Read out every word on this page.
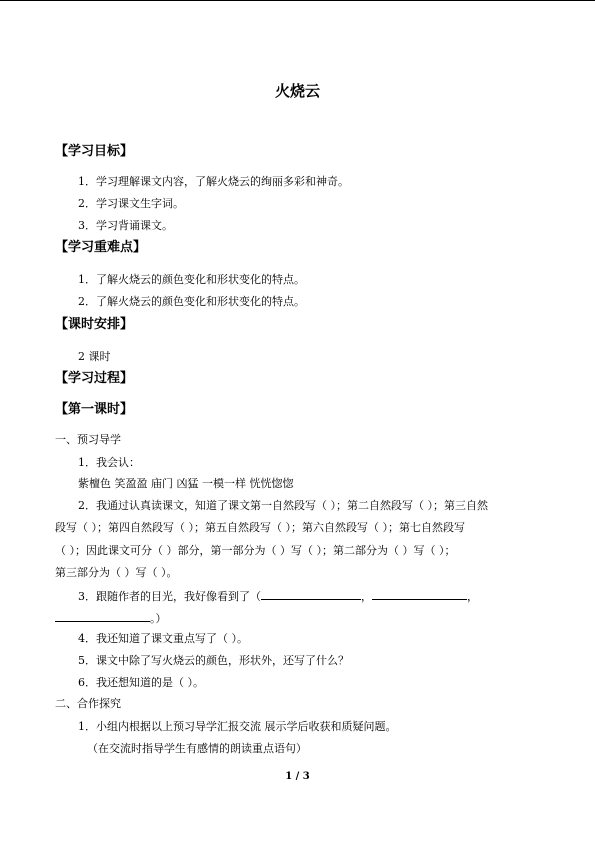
火烧云
【学习目标】
1．学习理解课文内容，了解火烧云的绚丽多彩和神奇。
2．学习课文生字词。
3．学习背诵课文。
【学习重难点】
1．了解火烧云的颜色变化和形状变化的特点。
2．了解火烧云的颜色变化和形状变化的特点。
【课时安排】
2 课时
【学习过程】
【第一课时】
一、预习导学
1．我会认：
紫檀色 笑盈盈 庙门 凶猛 一模一样 恍恍惚惚
2．我通过认真读课文，知道了课文第一自然段写（ ）；第二自然段写（ ）；第三自然
段写（ ）；第四自然段写（ ）；第五自然段写（ ）；第六自然段写（ ）；第七自然段写
（ ）；因此课文可分（ ）部分，第一部分为（ ）写（ ）；第二部分为（ ）写（ ）；
第三部分为（ ）写（ ）。
3．跟随作者的目光，我好像看到了（	，	，
。）
4．我还知道了课文重点写了（ ）。
5．课文中除了写火烧云的颜色，形状外，还写了什么？
6．我还想知道的是（ ）。
二、合作探究
1．小组内根据以上预习导学汇报交流 展示学后收获和质疑问题。
（在交流时指导学生有感情的朗读重点语句）
1 / 3
